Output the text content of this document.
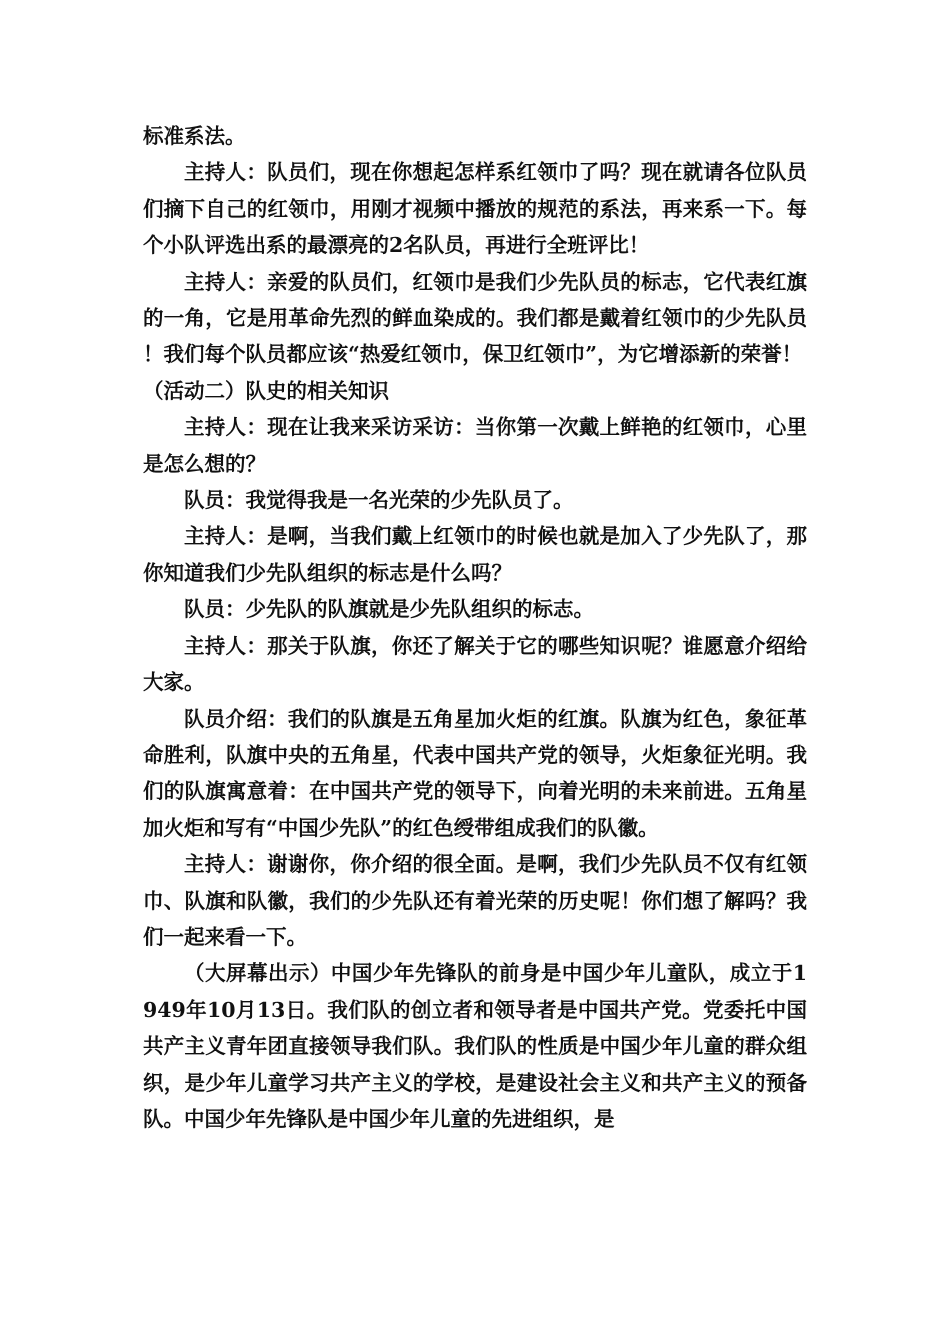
标准系法。

主持人：队员们，现在你想起怎样系红领巾了吗？现在就请各位队员们摘下自己的红领巾，用刚才视频中播放的规范的系法，再来系一下。每个小队评选出系的最漂亮的2名队员，再进行全班评比！

主持人：亲爱的队员们，红领巾是我们少先队员的标志，它代表红旗的一角，它是用革命先烈的鲜血染成的。我们都是戴着红领巾的少先队员！我们每个队员都应该“热爱红领巾，保卫红领巾”，为它增添新的荣誉！

（活动二）队史的相关知识

主持人：现在让我来采访采访：当你第一次戴上鲜艳的红领巾，心里是怎么想的？

队员：我觉得我是一名光荣的少先队员了。

主持人：是啊，当我们戴上红领巾的时候也就是加入了少先队了，那你知道我们少先队组织的标志是什么吗？

队员：少先队的队旗就是少先队组织的标志。

主持人：那关于队旗，你还了解关于它的哪些知识呢？谁愿意介绍给大家。

队员介绍：我们的队旗是五角星加火炬的红旗。队旗为红色，象征革命胜利，队旗中央的五角星，代表中国共产党的领导，火炬象征光明。我们的队旗寓意着：在中国共产党的领导下，向着光明的未来前进。五角星加火炬和写有“中国少先队”的红色绶带组成我们的队徽。

主持人：谢谢你，你介绍的很全面。是啊，我们少先队员不仅有红领巾、队旗和队徽，我们的少先队还有着光荣的历史呢！你们想了解吗？我们一起来看一下。

（大屏幕出示）中国少年先锋队的前身是中国少年儿童队，成立于1949年10月13日。我们队的创立者和领导者是中国共产党。党委托中国共产主义青年团直接领导我们队。我们队的性质是中国少年儿童的群众组织，是少年儿童学习共产主义的学校，是建设社会主义和共产主义的预备队。中国少年先锋队是中国少年儿童的先进组织，是
